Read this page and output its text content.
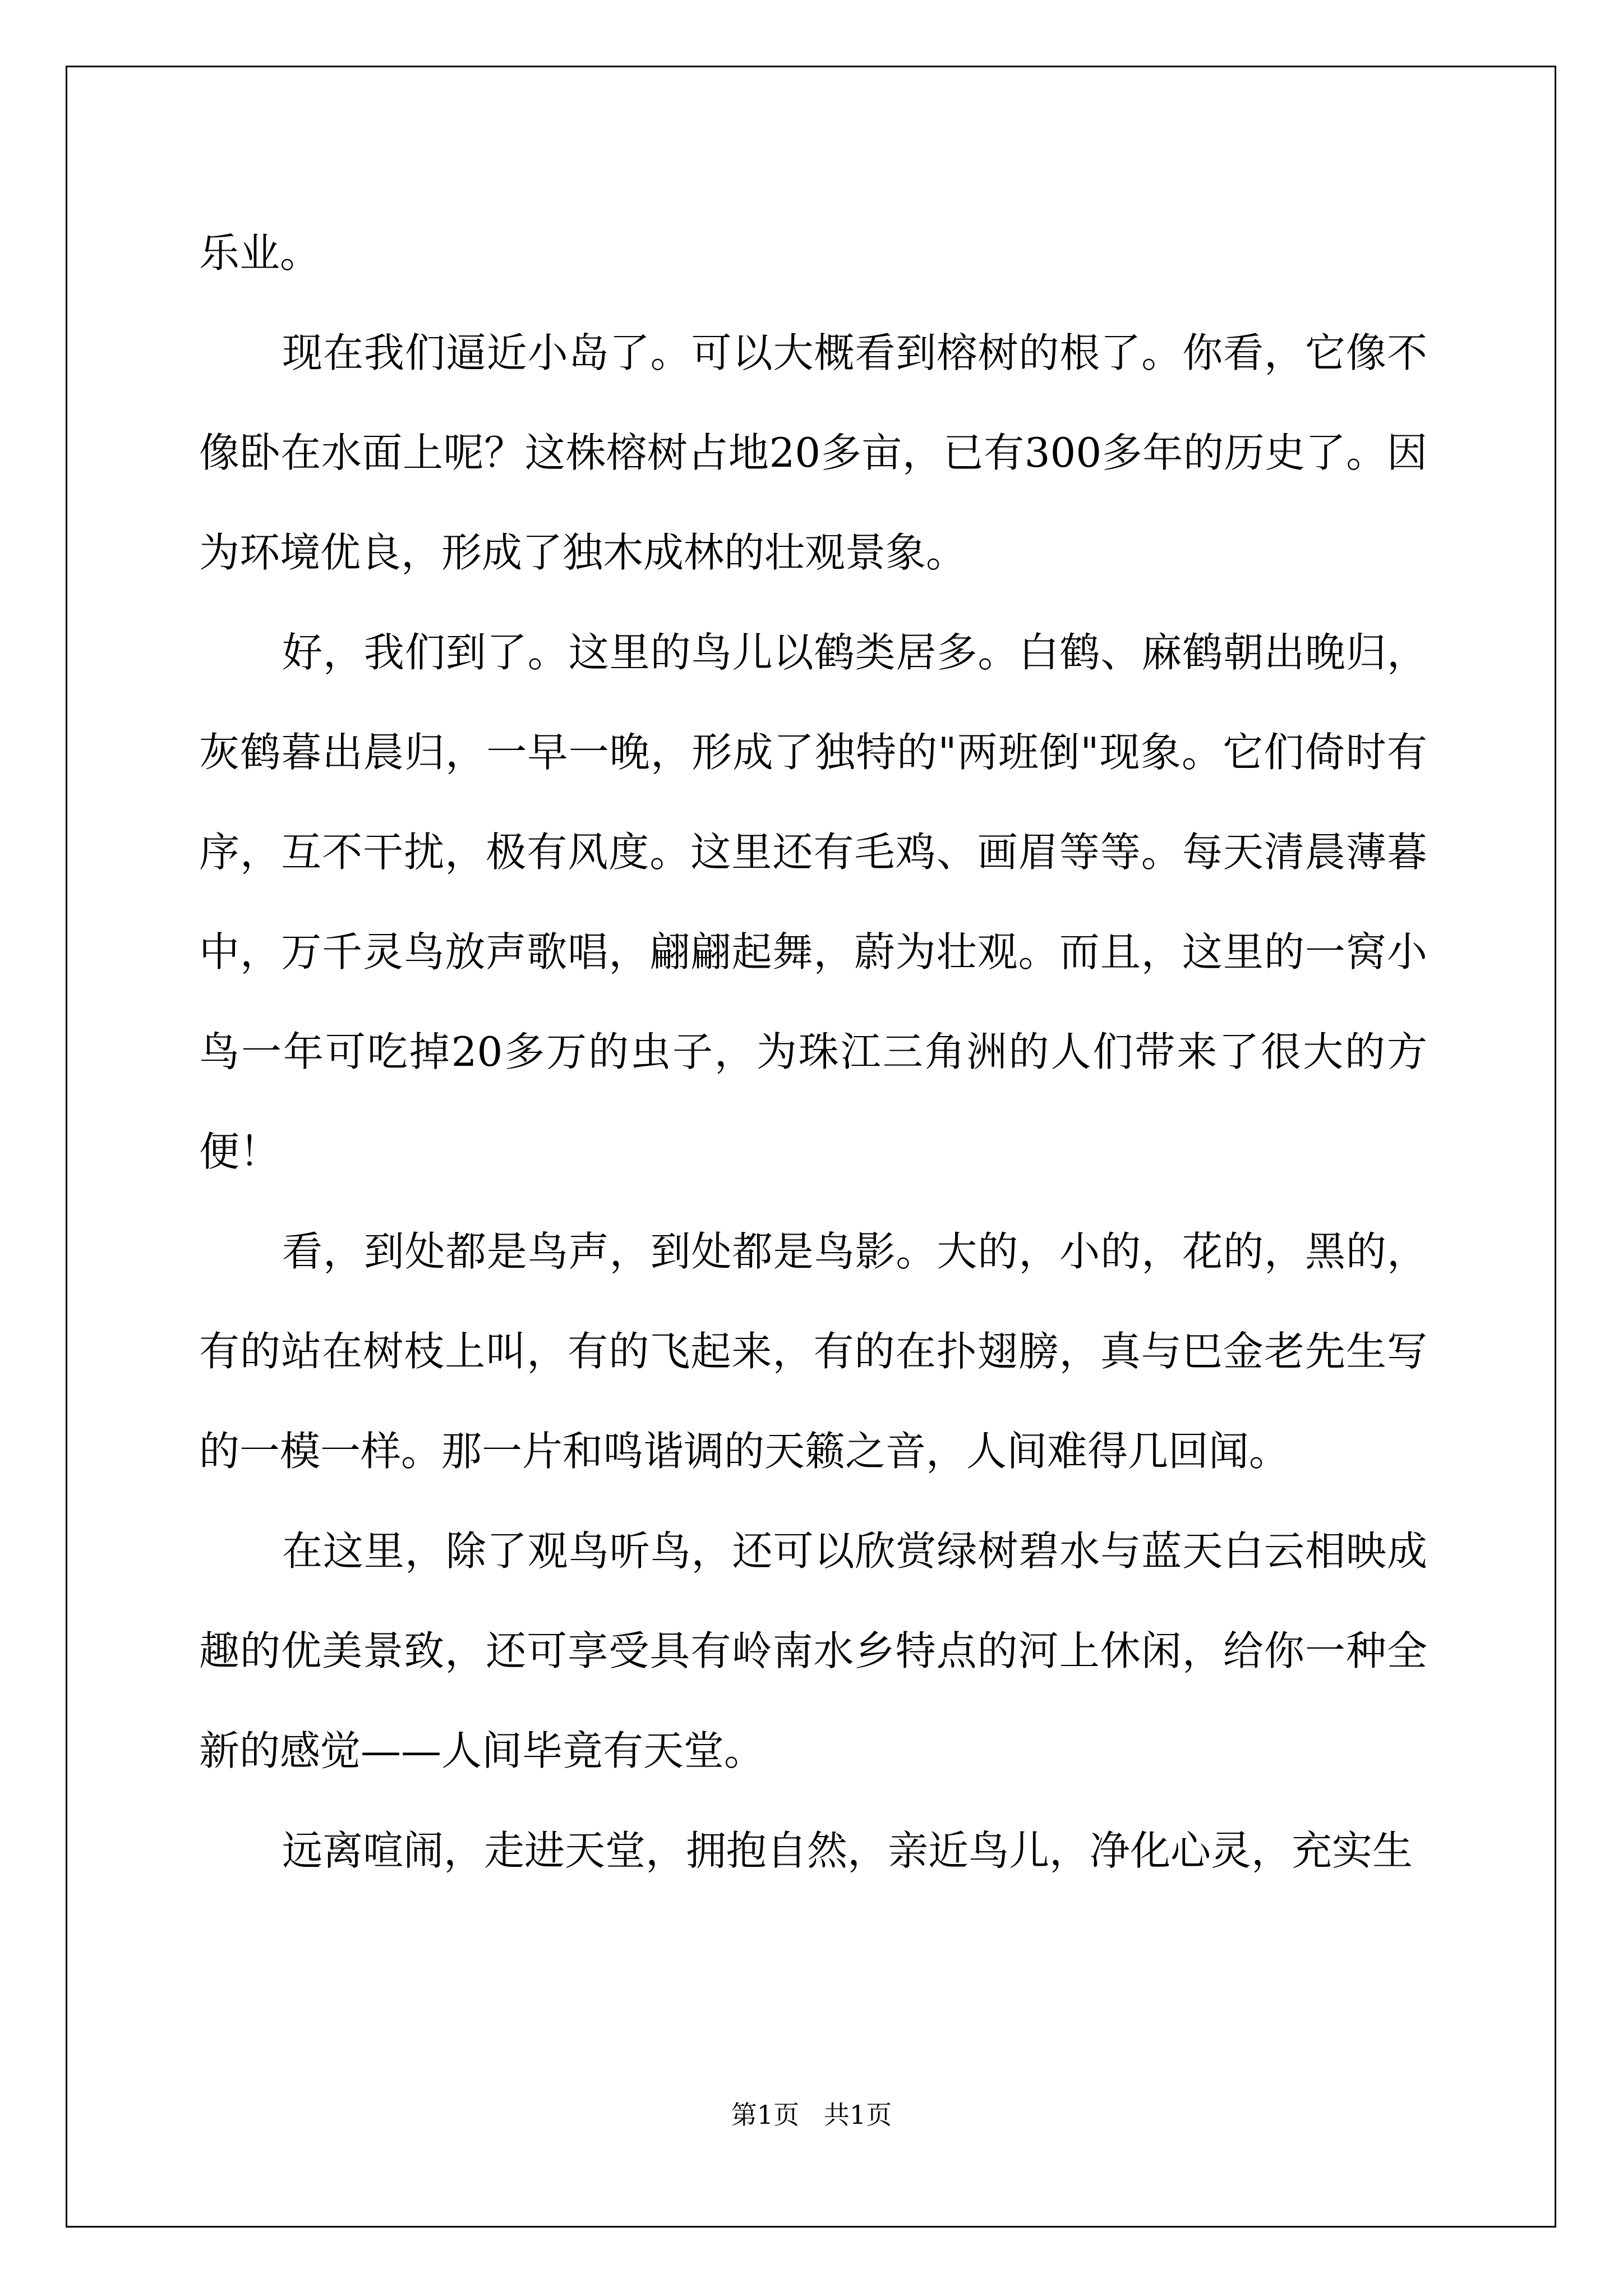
乐业。

现在我们逼近小岛了。可以大概看到榕树的根了。你看，它像不像卧在水面上呢？这株榕树占地20多亩，已有300多年的历史了。因为环境优良，形成了独木成林的壮观景象。

好，我们到了。这里的鸟儿以鹤类居多。白鹤、麻鹤朝出晚归，灰鹤暮出晨归，一早一晚，形成了独特的"两班倒"现象。它们倚时有序，互不干扰，极有风度。这里还有毛鸡、画眉等等。每天清晨薄暮中，万千灵鸟放声歌唱，翩翩起舞，蔚为壮观。而且，这里的一窝小鸟一年可吃掉20多万的虫子，为珠江三角洲的人们带来了很大的方便！

看，到处都是鸟声，到处都是鸟影。大的，小的，花的，黑的，有的站在树枝上叫，有的飞起来，有的在扑翅膀，真与巴金老先生写的一模一样。那一片和鸣谐调的天籁之音，人间难得几回闻。

在这里，除了观鸟听鸟，还可以欣赏绿树碧水与蓝天白云相映成趣的优美景致，还可享受具有岭南水乡特点的河上休闲，给你一种全新的感觉——人间毕竟有天堂。

远离喧闹，走进天堂，拥抱自然，亲近鸟儿，净化心灵，充实生

第1页   共1页
